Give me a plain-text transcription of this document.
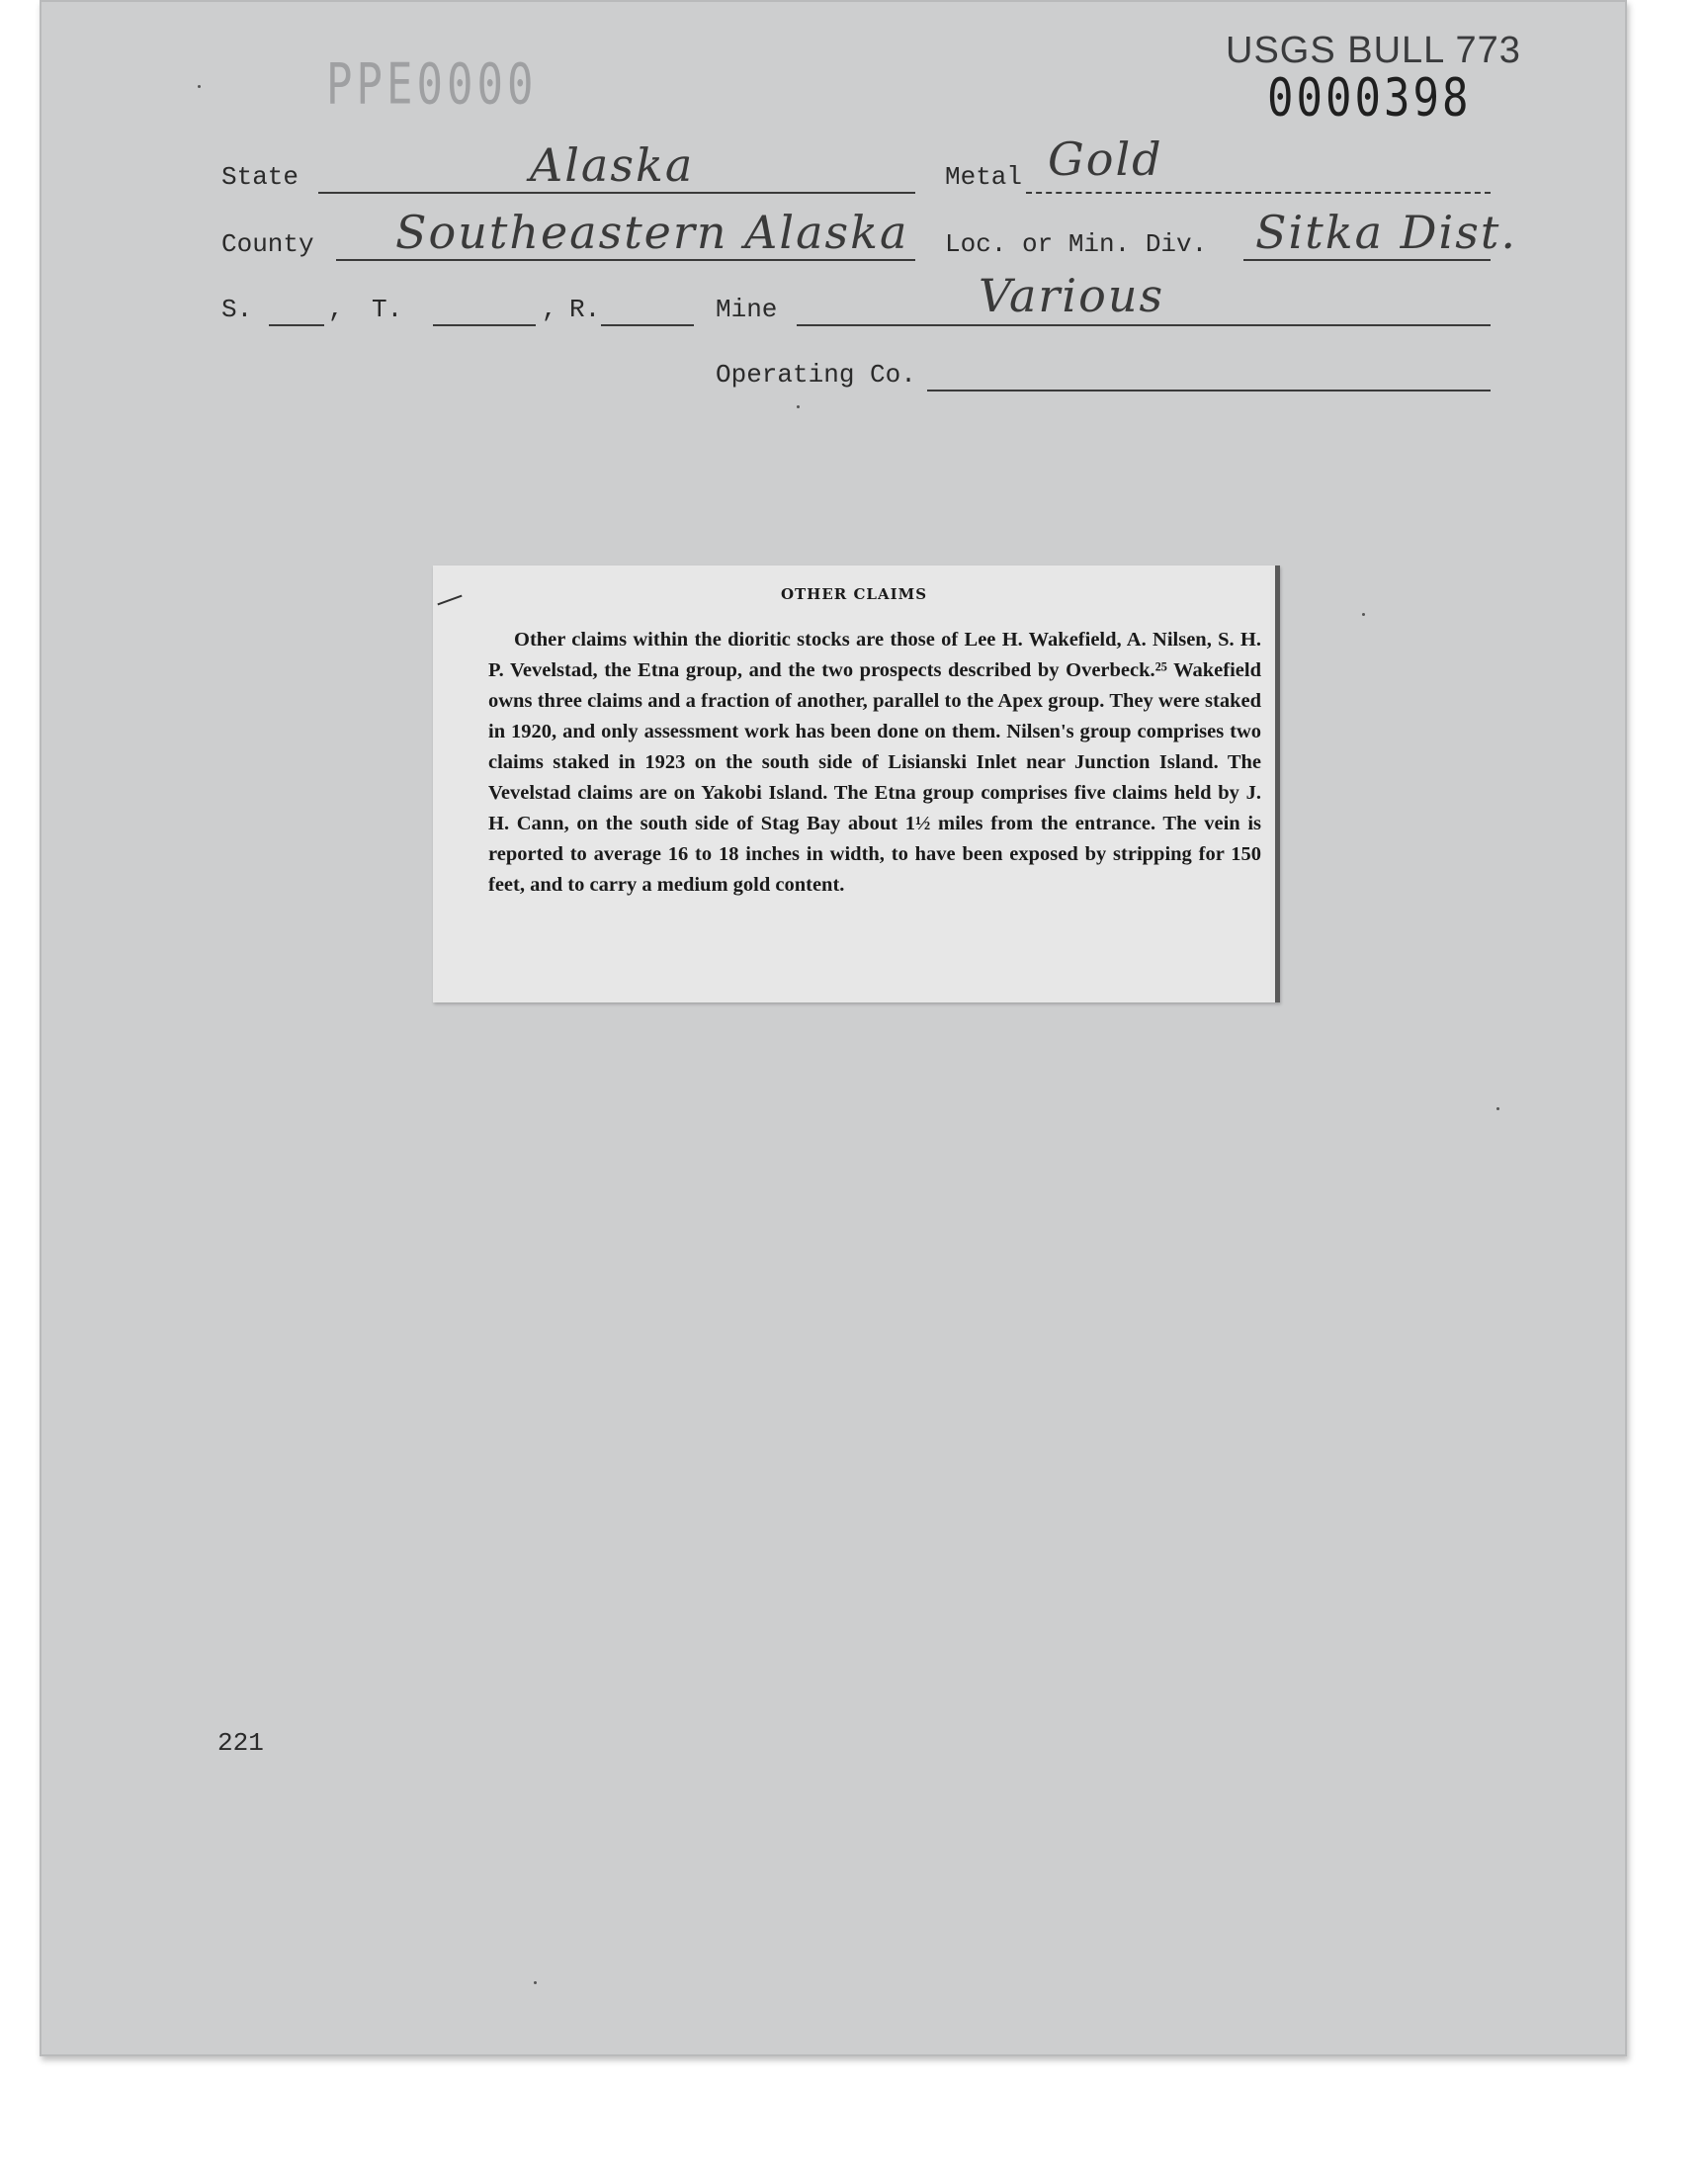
PPE0000
USGS BULL 773
0000398
State	Alaska	Metal Gold
County Southeastern Alaska Loc. or Min. Div. Sitka Dist.
S.	, T.	, R.	Mine	Various
Operating Co.
OTHER CLAIMS
Other claims within the dioritic stocks are those of Lee H. Wakefield, A. Nilsen, S. H. P. Vevelstad, the Etna group, and the two prospects described by Overbeck.²⁵ Wakefield owns three claims and a fraction of another, parallel to the Apex group. They were staked in 1920, and only assessment work has been done on them. Nilsen's group comprises two claims staked in 1923 on the south side of Lisianski Inlet near Junction Island. The Vevelstad claims are on Yakobi Island. The Etna group comprises five claims held by J. H. Cann, on the south side of Stag Bay about 1½ miles from the entrance. The vein is reported to average 16 to 18 inches in width, to have been exposed by stripping for 150 feet, and to carry a medium gold content.
221
